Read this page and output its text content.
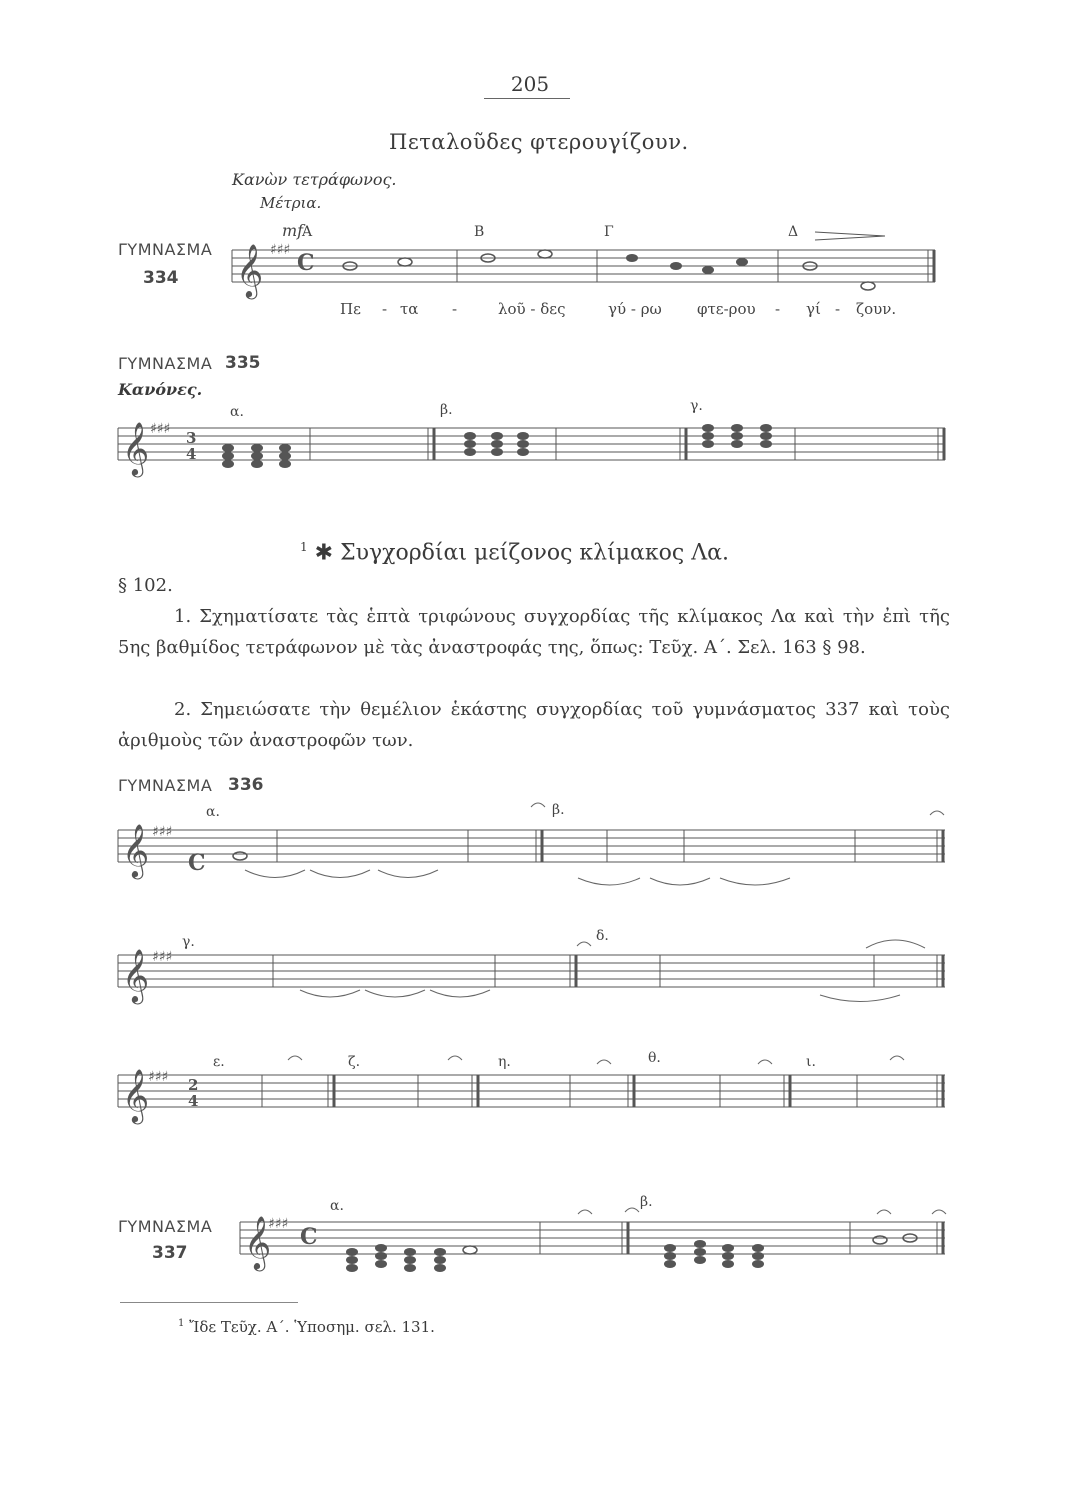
205
Πεταλοῦδες φτερουγίζουν.
Κανὼν τετράφωνος.
Μέτρια.
ΓΥΜΝΑΣΜΑ
334
ΓΥΜΝΑΣΜΑ 335
Κανόνες.
Πε - τα -	λοῦ - δες	γύ - ρω φτε-ρου - γί - ζουν.
$^1$ ✱ Συγχορδίαι μείζονος κλίμακος Λα.
§ 102.
1. Σχηματίσατε τὰς ἑπτὰ τριφώνους συγχορδίας τῆς κλίμακος Λα καὶ τὴν ἐπὶ τῆς 5ης βαθμίδος τετράφωνον μὲ τὰς ἀναστροφάς της, ὅπως: Τεῦχ. Α΄. Σελ. 163 § 98.
2. Σημειώσατε τὴν θεμέλιον ἑκάστης συγχορδίας τοῦ γυμνάσματος 337 καὶ τοὺς ἀριθμοὺς τῶν ἀναστροφῶν των.
ΓΥΜΝΑΣΜΑ 336
ΓΥΜΝΑΣΜΑ
337
$^1$ Ἴδε Τεῦχ. Α΄. Ὑποσημ. σελ. 131.
𝄞
𝄞
𝄞
𝄞
𝄞
𝄞
♯♯♯
♯♯♯
♯♯♯
♯♯♯
♯♯♯
♯♯♯
C
C
C
3
4
2
4
mf
Α	Β	Γ	Δ
α.	β.	γ.
α.	β.
γ.	δ.
ε.	ζ.	η.	θ.	ι.
α.	β.
